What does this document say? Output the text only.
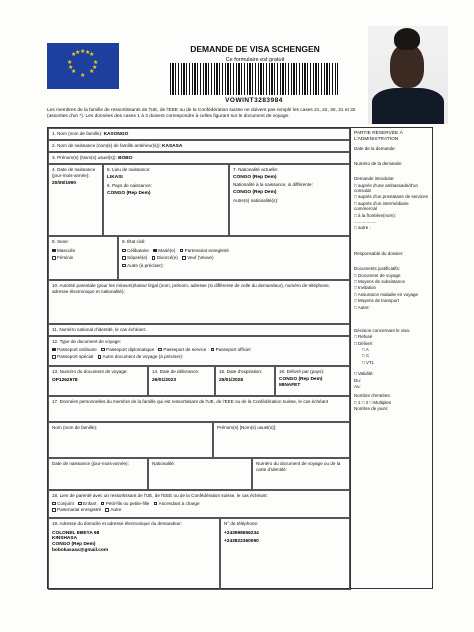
★ ★
★
★
★
★
★
★ ★
★
★
★
DEMANDE DE VISA SCHENGEN
Ce formulaire est gratuit
VOWINT3283984
Les membres de la famille de ressortissants de l'UE, de l'EEE ou de la Confédération suisse ne doivent pas remplir les cases 21, 22, 30, 31 et 32 (assorties d'un *). Les données des cases 1 à 3 doivent correspondre à celles figurant sur le document de voyage.
1. Nom (nom de famille): KASONGO
2. Nom de naissance (nom(s) de famille antérieur(s)): KASASA
3. Prénom(s) (Nom(s) usuel(s)): BOBO
4. Date de naissance (jour-mois-année):
20/05/1990
5. Lieu de naissance:
LIKASI
6. Pays de naissance:
CONGO (Rep Dem)
7. Nationalité actuelle:
CONGO (Rep Dem)
Nationalité à la naissance, si différente:
CONGO (Rep Dem)
Autre(s) nationalité(s):
8. Sexe:
Masculin
Féminin
9. État civil:
Célibataire Marié(e) Partenariat enregistré
Séparé(e) Divorcé(e) Veuf (Veuve)
Autre (à préciser):
10. Autorité parentale (pour les mineurs)/tuteur légal (nom, prénom, adresse (si différente de celle du demandeur), numéro de téléphone, adresse électronique et nationalité):
11. Numéro national d'identité, le cas échéant:
12. Type de document de voyage:
Passeport ordinaire Passeport diplomatique Passeport de service Passeport officiel
Passeport spécial Autre document de voyage (à préciser):
13. Numéro du document de voyage:
OP1262978
14. Date de délivrance:
26/01/2023
15. Date d'expiration:
25/01/2028
16. Délivré par (pays):
CONGO (Rep Dem)
MINAFET
17. Données personnelles du membre de la famille qui est ressortissant de l'UE, de l'EEE ou de la Confédération suisse, le cas échéant
Nom (nom de famille):	Prénom(s) [Nom(s) usuel(s)]:
Date de naissance (jour-mois-année):	Nationalité:	Numéro du document de voyage ou de la carte d'identité:
18. Lien de parenté avec un ressortissant de l'UE, de l'EEE ou de la Confédération suisse, le cas échéant:
Conjoint Enfant Petit-fils ou petite-fille Ascendant à charge
Partenariat enregistré Autre
19. Adresse du domicile et adresse électronique du demandeur:
COLONEL EBEYA 98
KINSHASA
CONGO (Rep Dem)
bobokasasa@gmail.com
N° de téléphone:
+243998656234
+243822360090
PARTIE RÉSERVÉE À L'ADMINISTRATION
Date de la demande:
Numéro de la demande:
Demande introduite:
□ auprès d'une ambassade/d'un consulat
□ auprès d'un prestataire de services
□ auprès d'un intermédiaire commercial
□ à la frontière(nom):
..................
□ autre :
Responsable du dossier:
Documents justificatifs:
□ Document de voyage
□ Moyens de subsistance
□ Invitation
□ Assurance maladie en voyage
□ Moyens de transport
□ Autre:
Décision concernant le visa:
□ Refusé
□ Délivré:
□ A
□ C
□ VTL
□ Validité:
Du:
Au:
Nombre d'entrées:
□ 1 □ 2 □ Multiples
Nombre de jours:
